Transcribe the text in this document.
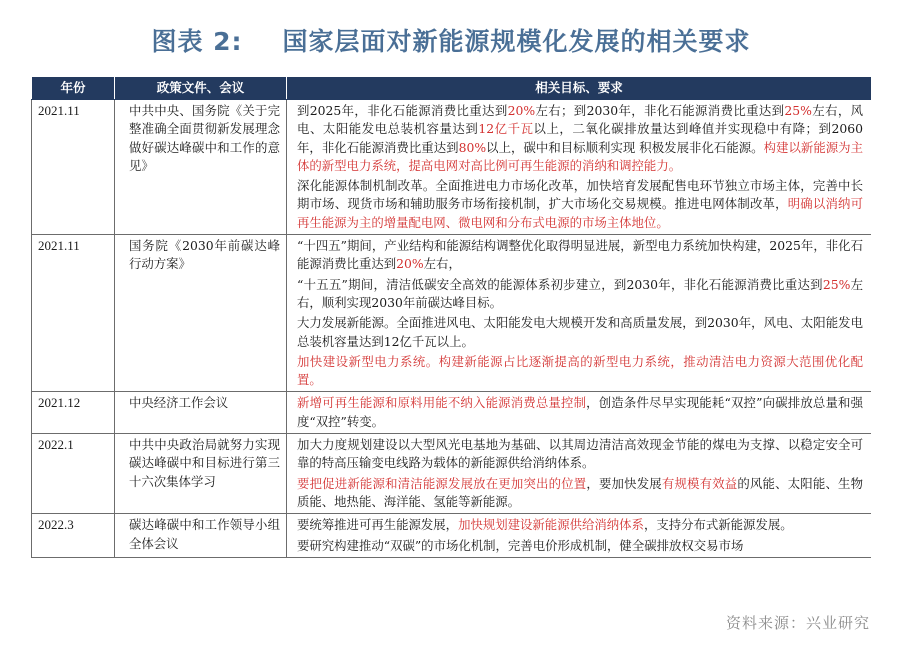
图表 2: 国家层面对新能源规模化发展的相关要求
年份	政策文件、会议	相关目标、要求
2021.11	中共中央、国务院《关于完整准确全面贯彻新发展理念做好碳达峰碳中和工作的意见》	到2025年，非化石能源消费比重达到20%左右；到2030年，非化石能源消费比重达到25%左右，风电、太阳能发电总装机容量达到12亿千瓦以上，二氧化碳排放量达到峰值并实现稳中有降；到2060年，非化石能源消费比重达到80%以上，碳中和目标顺利实现 积极发展非化石能源。构建以新能源为主体的新型电力系统，提高电网对高比例可再生能源的消纳和调控能力。
深化能源体制机制改革。全面推进电力市场化改革，加快培育发展配售电环节独立市场主体，完善中长期市场、现货市场和辅助服务市场衔接机制，扩大市场化交易规模。推进电网体制改革，明确以消纳可再生能源为主的增量配电网、微电网和分布式电源的市场主体地位。

2021.11	国务院《2030年前碳达峰行动方案》	“十四五”期间，产业结构和能源结构调整优化取得明显进展，新型电力系统加快构建，2025年，非化石能源消费比重达到20%左右，
“十五五”期间，清洁低碳安全高效的能源体系初步建立，到2030年，非化石能源消费比重达到25%左右，顺利实现2030年前碳达峰目标。
大力发展新能源。全面推进风电、太阳能发电大规模开发和高质量发展，到2030年，风电、太阳能发电总装机容量达到12亿千瓦以上。
加快建设新型电力系统。构建新能源占比逐渐提高的新型电力系统，推动清洁电力资源大范围优化配置。

2021.12	中央经济工作会议	新增可再生能源和原料用能不纳入能源消费总量控制，创造条件尽早实现能耗“双控”向碳排放总量和强度“双控”转变。

2022.1	中共中央政治局就努力实现碳达峰碳中和目标进行第三十六次集体学习	加大力度规划建设以大型风光电基地为基础、以其周边清洁高效现金节能的煤电为支撑、以稳定安全可靠的特高压输变电线路为载体的新能源供给消纳体系。
要把促进新能源和清洁能源发展放在更加突出的位置，要加快发展有规模有效益的风能、太阳能、生物质能、地热能、海洋能、氢能等新能源。

2022.3	碳达峰碳中和工作领导小组全体会议	要统筹推进可再生能源发展，加快规划建设新能源供给消纳体系，支持分布式新能源发展。
要研究构建推动“双碳”的市场化机制，完善电价形成机制，健全碳排放权交易市场
资料来源：兴业研究
